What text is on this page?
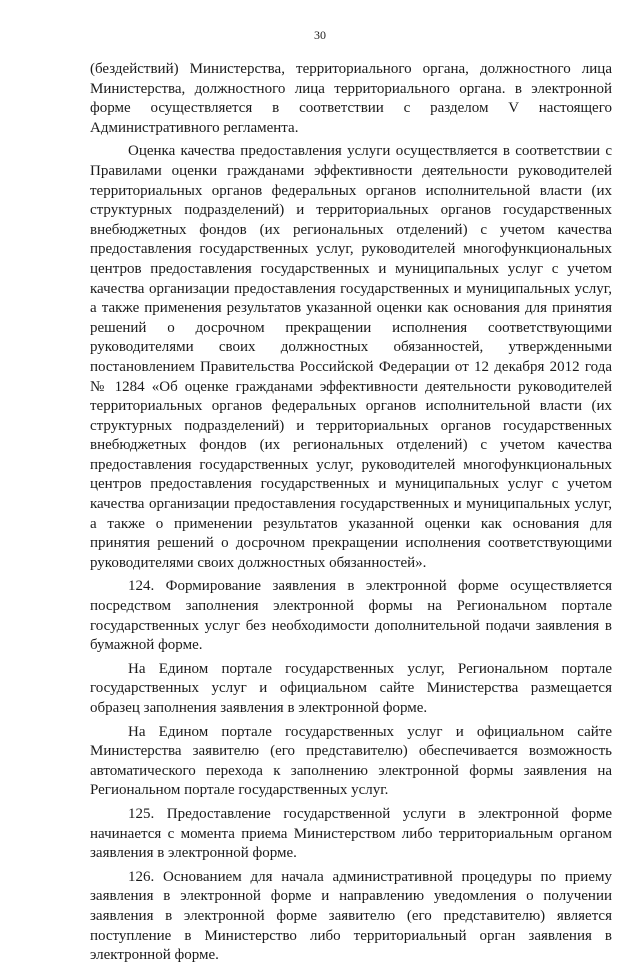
30

(бездействий) Министерства, территориального органа, должностного лица Министерства, должностного лица территориального органа. в электронной форме осуществляется в соответствии с разделом V настоящего Административного регламента.

Оценка качества предоставления услуги осуществляется в соответствии с Правилами оценки гражданами эффективности деятельности руководителей территориальных органов федеральных органов исполнительной власти (их структурных подразделений) и территориальных органов государственных внебюджетных фондов (их региональных отделений) с учетом качества предоставления государственных услуг, руководителей многофункциональных центров предоставления государственных и муниципальных услуг с учетом качества организации предоставления государственных и муниципальных услуг, а также применения результатов указанной оценки как основания для принятия решений о досрочном прекращении исполнения соответствующими руководителями своих должностных обязанностей, утвержденными постановлением Правительства Российской Федерации от 12 декабря 2012 года № 1284 «Об оценке гражданами эффективности деятельности руководителей территориальных органов федеральных органов исполнительной власти (их структурных подразделений) и территориальных органов государственных внебюджетных фондов (их региональных отделений) с учетом качества предоставления государственных услуг, руководителей многофункциональных центров предоставления государственных и муниципальных услуг с учетом качества организации предоставления государственных и муниципальных услуг, а также о применении результатов указанной оценки как основания для принятия решений о досрочном прекращении исполнения соответствующими руководителями своих должностных обязанностей».

124. Формирование заявления в электронной форме осуществляется посредством заполнения электронной формы на Региональном портале государственных услуг без необходимости дополнительной подачи заявления в бумажной форме.

На Едином портале государственных услуг, Региональном портале государственных услуг и официальном сайте Министерства размещается образец заполнения заявления в электронной форме.

На Едином портале государственных услуг и официальном сайте Министерства заявителю (его представителю) обеспечивается возможность автоматического перехода к заполнению электронной формы заявления на Региональном портале государственных услуг.

125. Предоставление государственной услуги в электронной форме начинается с момента приема Министерством либо территориальным органом заявления в электронной форме.

126. Основанием для начала административной процедуры по приему заявления в электронной форме и направлению уведомления о получении заявления в электронной форме заявителю (его представителю) является поступление в Министерство либо территориальный орган заявления в электронной форме.
